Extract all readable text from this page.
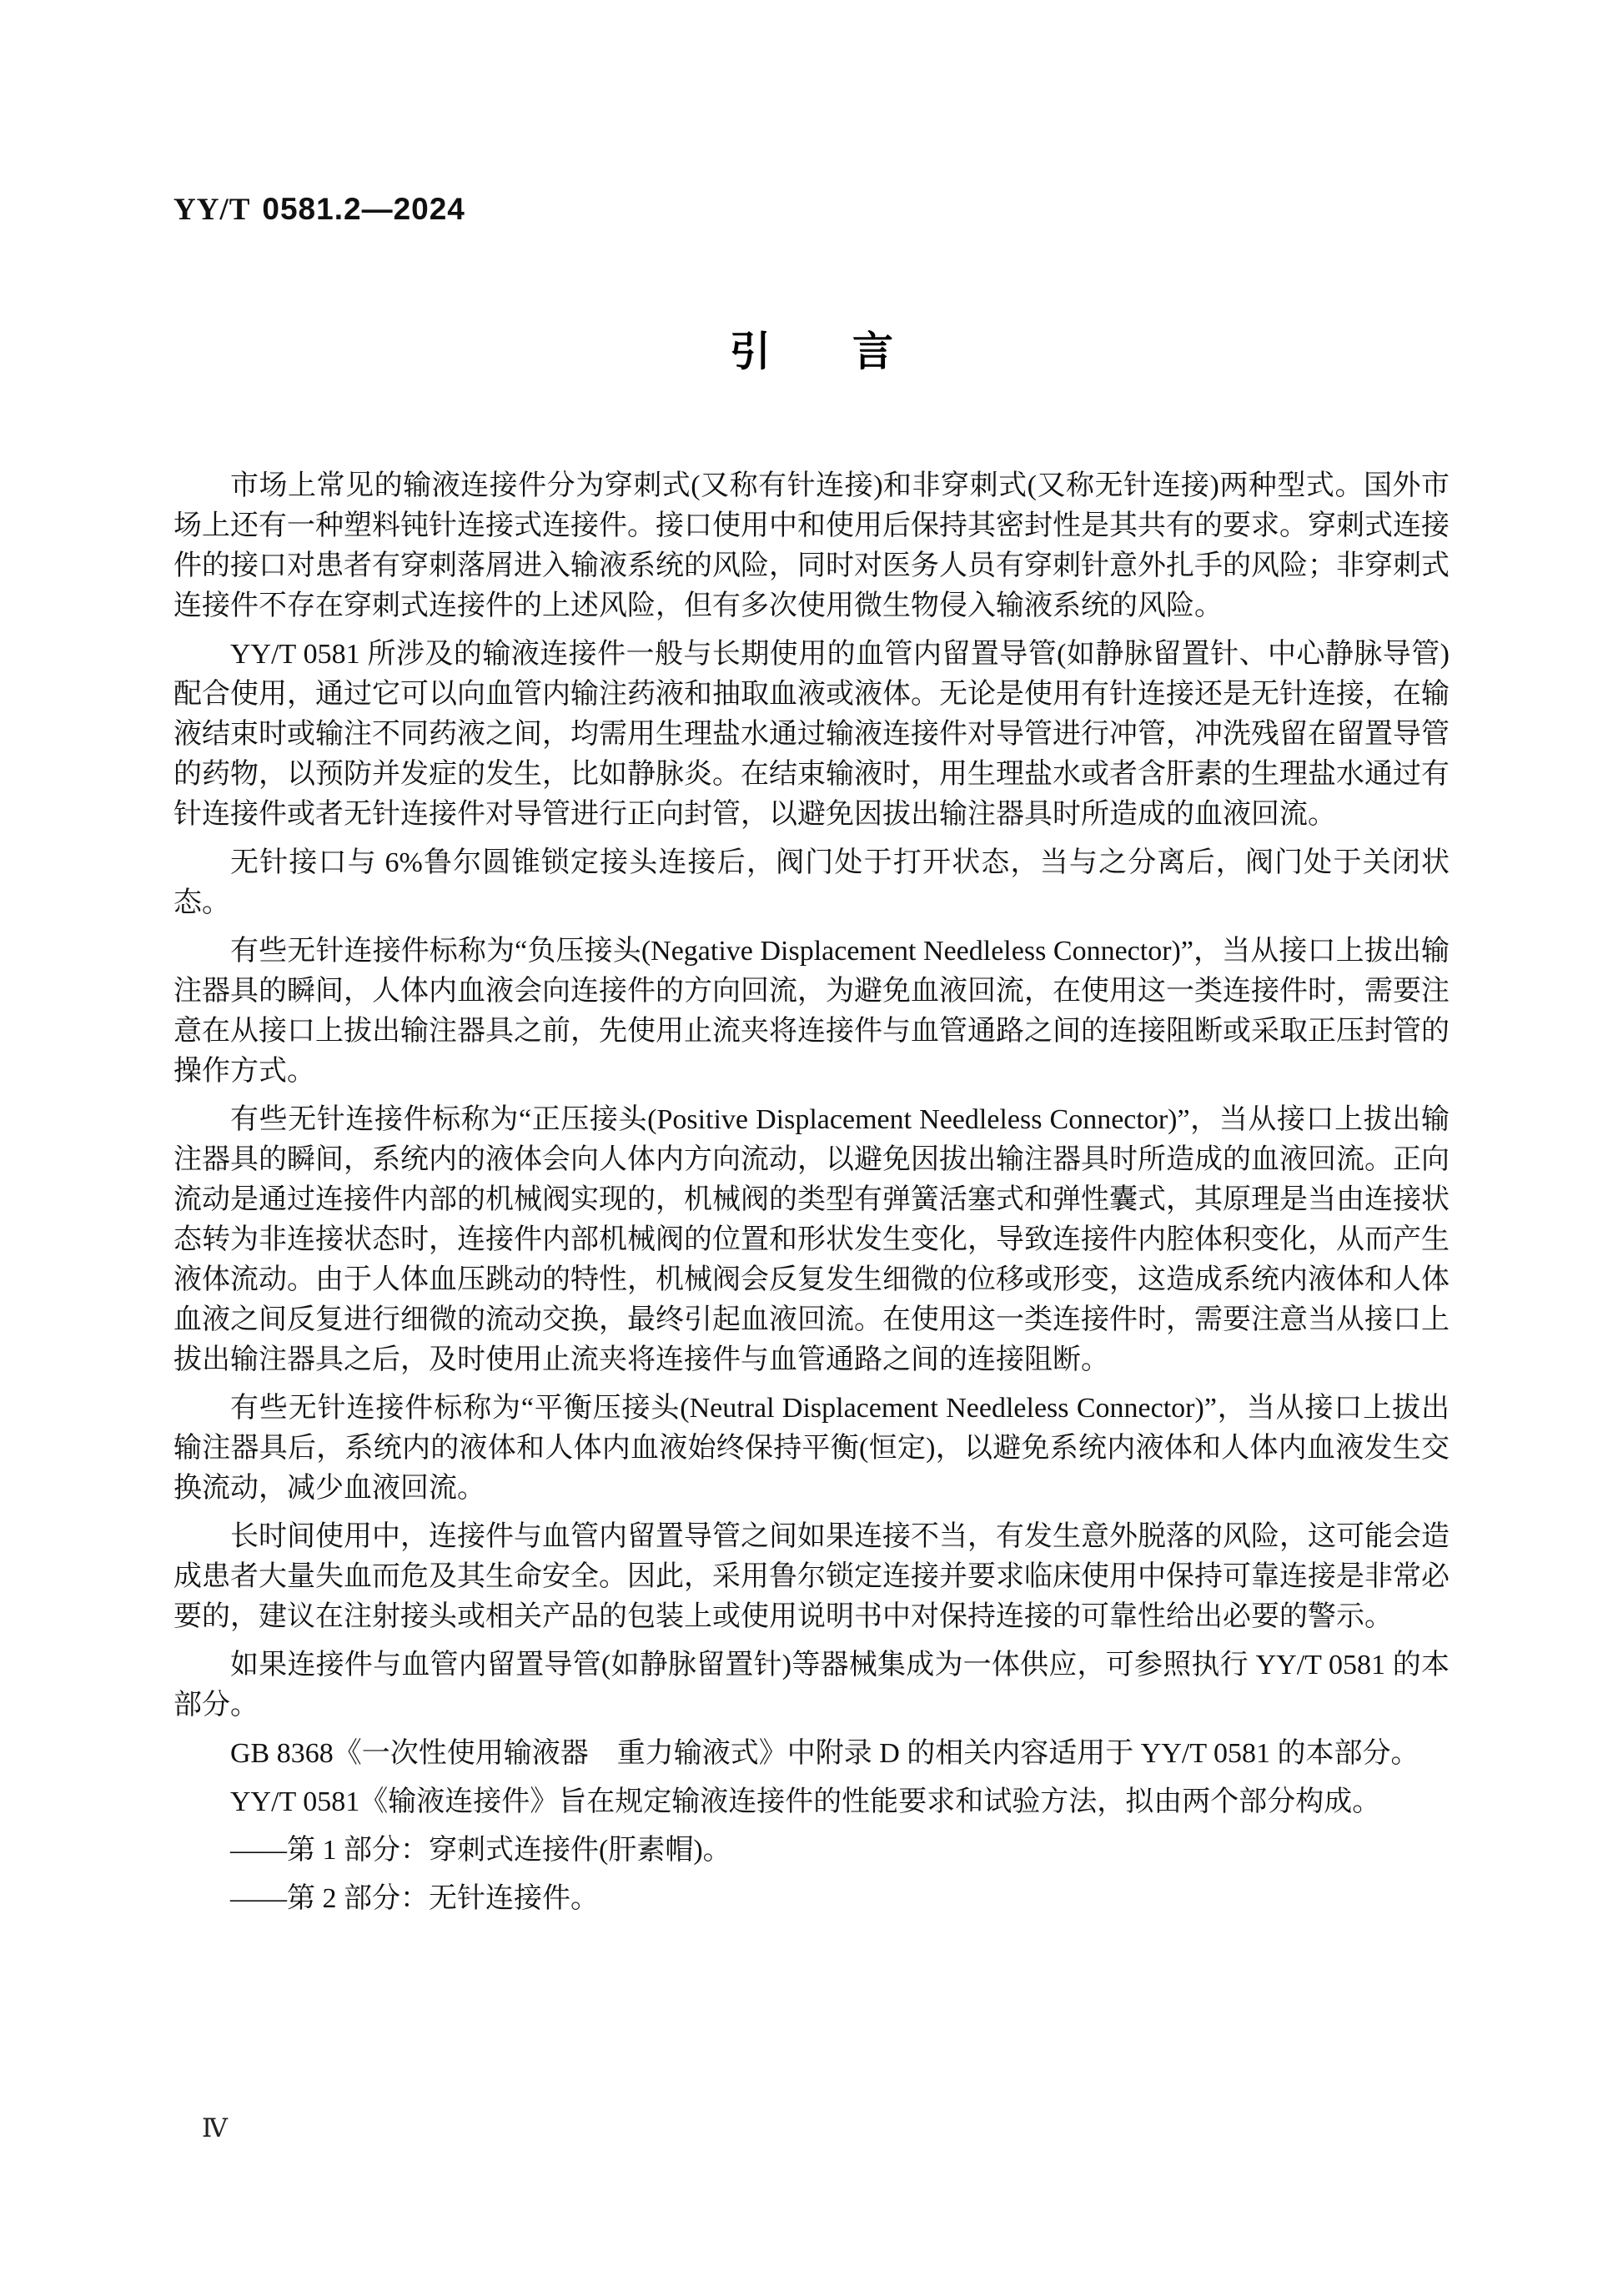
YY/T 0581.2—2024
引　　言

市场上常见的输液连接件分为穿刺式(又称有针连接)和非穿刺式(又称无针连接)两种型式。国外市场上还有一种塑料钝针连接式连接件。接口使用中和使用后保持其密封性是其共有的要求。穿刺式连接件的接口对患者有穿刺落屑进入输液系统的风险，同时对医务人员有穿刺针意外扎手的风险；非穿刺式连接件不存在穿刺式连接件的上述风险，但有多次使用微生物侵入输液系统的风险。

YY/T 0581 所涉及的输液连接件一般与长期使用的血管内留置导管(如静脉留置针、中心静脉导管)配合使用，通过它可以向血管内输注药液和抽取血液或液体。无论是使用有针连接还是无针连接，在输液结束时或输注不同药液之间，均需用生理盐水通过输液连接件对导管进行冲管，冲洗残留在留置导管的药物，以预防并发症的发生，比如静脉炎。在结束输液时，用生理盐水或者含肝素的生理盐水通过有针连接件或者无针连接件对导管进行正向封管，以避免因拔出输注器具时所造成的血液回流。

无针接口与 6%鲁尔圆锥锁定接头连接后，阀门处于打开状态，当与之分离后，阀门处于关闭状态。

有些无针连接件标称为“负压接头(Negative Displacement Needleless Connector)”，当从接口上拔出输注器具的瞬间，人体内血液会向连接件的方向回流，为避免血液回流，在使用这一类连接件时，需要注意在从接口上拔出输注器具之前，先使用止流夹将连接件与血管通路之间的连接阻断或采取正压封管的操作方式。

有些无针连接件标称为“正压接头(Positive Displacement Needleless Connector)”，当从接口上拔出输注器具的瞬间，系统内的液体会向人体内方向流动，以避免因拔出输注器具时所造成的血液回流。正向流动是通过连接件内部的机械阀实现的，机械阀的类型有弹簧活塞式和弹性囊式，其原理是当由连接状态转为非连接状态时，连接件内部机械阀的位置和形状发生变化，导致连接件内腔体积变化，从而产生液体流动。由于人体血压跳动的特性，机械阀会反复发生细微的位移或形变，这造成系统内液体和人体血液之间反复进行细微的流动交换，最终引起血液回流。在使用这一类连接件时，需要注意当从接口上拔出输注器具之后，及时使用止流夹将连接件与血管通路之间的连接阻断。

有些无针连接件标称为“平衡压接头(Neutral Displacement Needleless Connector)”，当从接口上拔出输注器具后，系统内的液体和人体内血液始终保持平衡(恒定)，以避免系统内液体和人体内血液发生交换流动，减少血液回流。

长时间使用中，连接件与血管内留置导管之间如果连接不当，有发生意外脱落的风险，这可能会造成患者大量失血而危及其生命安全。因此，采用鲁尔锁定连接并要求临床使用中保持可靠连接是非常必要的，建议在注射接头或相关产品的包装上或使用说明书中对保持连接的可靠性给出必要的警示。

如果连接件与血管内留置导管(如静脉留置针)等器械集成为一体供应，可参照执行 YY/T 0581 的本部分。

GB 8368《一次性使用输液器　重力输液式》中附录 D 的相关内容适用于 YY/T 0581 的本部分。

YY/T 0581《输液连接件》旨在规定输液连接件的性能要求和试验方法，拟由两个部分构成。

——第 1 部分：穿刺式连接件(肝素帽)。

——第 2 部分：无针连接件。

Ⅳ
